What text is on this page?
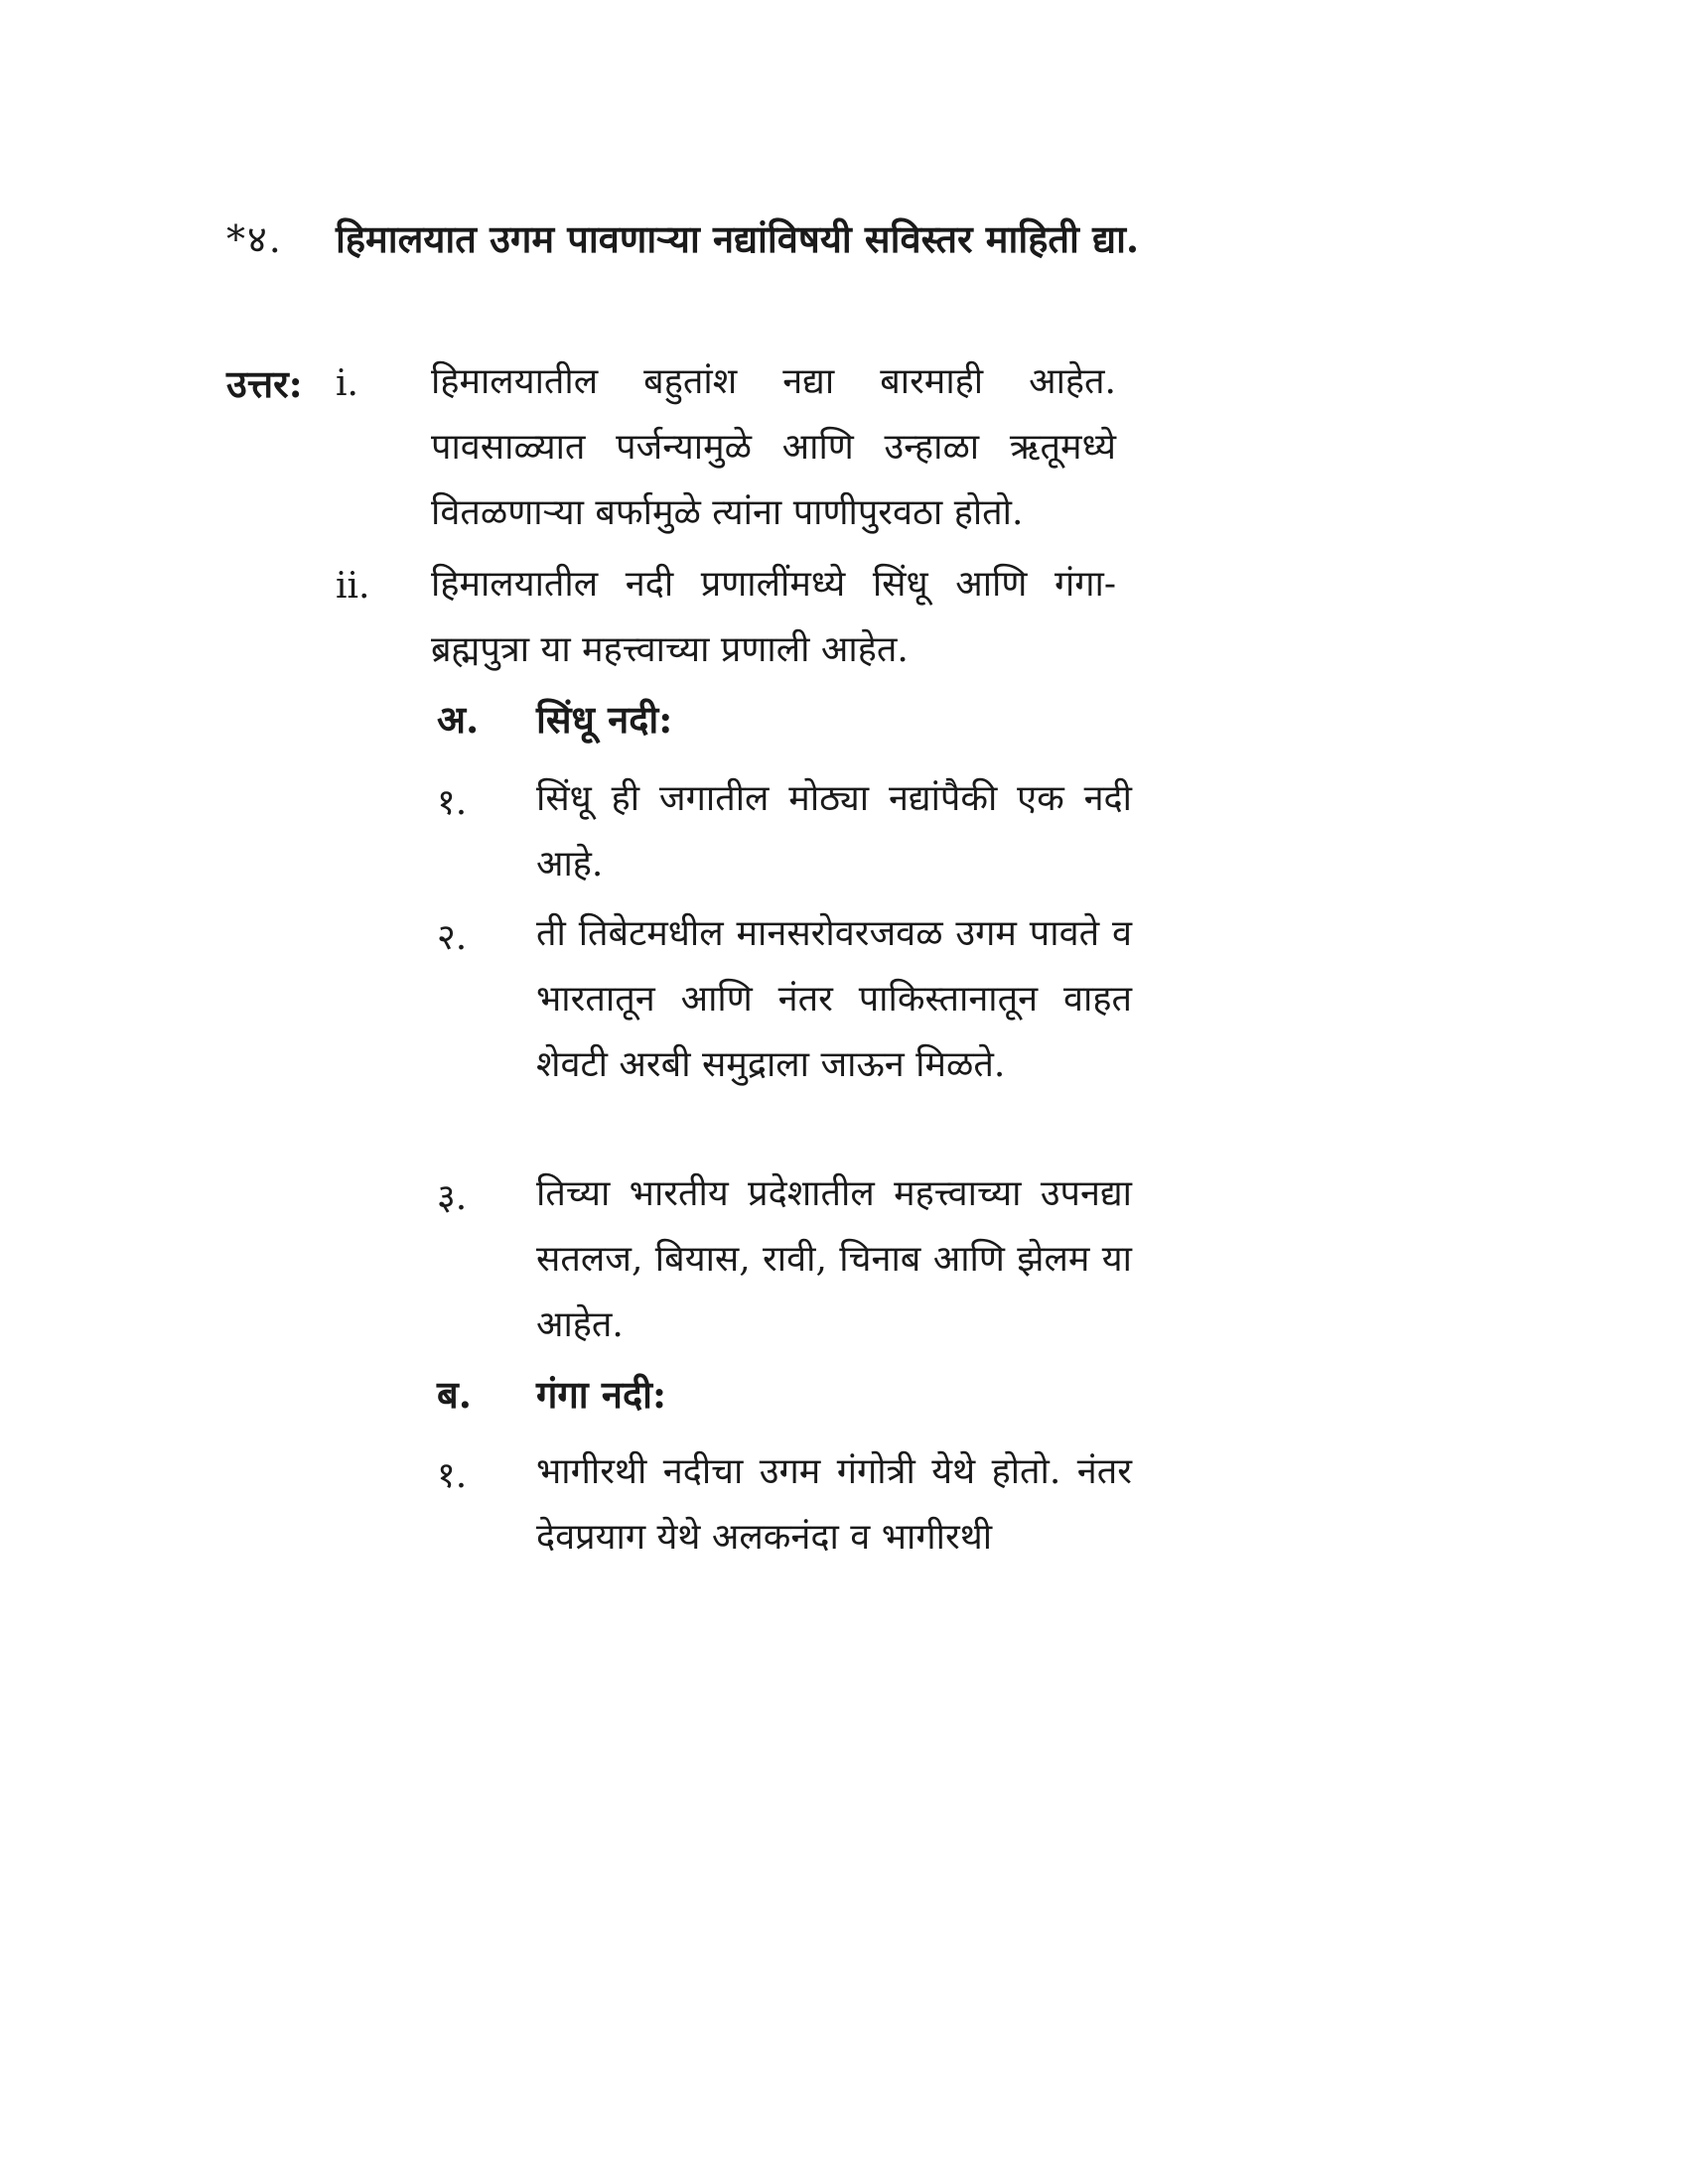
*४. हिमालयात उगम पावणाऱ्या नद्यांविषयी सविस्तर माहिती द्या.
उत्तर: i. हिमालयातील बहुतांश नद्या बारमाही आहेत. पावसाळ्यात पर्जन्यामुळे आणि उन्हाळा ऋतूमध्ये वितळणाऱ्या बर्फामुळे त्यांना पाणीपुरवठा होतो.
ii. हिमालयातील नदी प्रणालींमध्ये सिंधू आणि गंगा-ब्रह्मपुत्रा या महत्त्वाच्या प्रणाली आहेत.
अ. सिंधू नदी:
१. सिंधू ही जगातील मोठ्या नद्यांपैकी एक नदी आहे.
२. ती तिबेटमधील मानसरोवरजवळ उगम पावते व भारतातून आणि नंतर पाकिस्तानातून वाहत शेवटी अरबी समुद्राला जाऊन मिळते.
३. तिच्या भारतीय प्रदेशातील महत्त्वाच्या उपनद्या सतलज, बियास, रावी, चिनाब आणि झेलम या आहेत.
ब. गंगा नदी:
१. भागीरथी नदीचा उगम गंगोत्री येथे होतो. नंतर देवप्रयाग येथे अलकनंदा व भागीरथी
